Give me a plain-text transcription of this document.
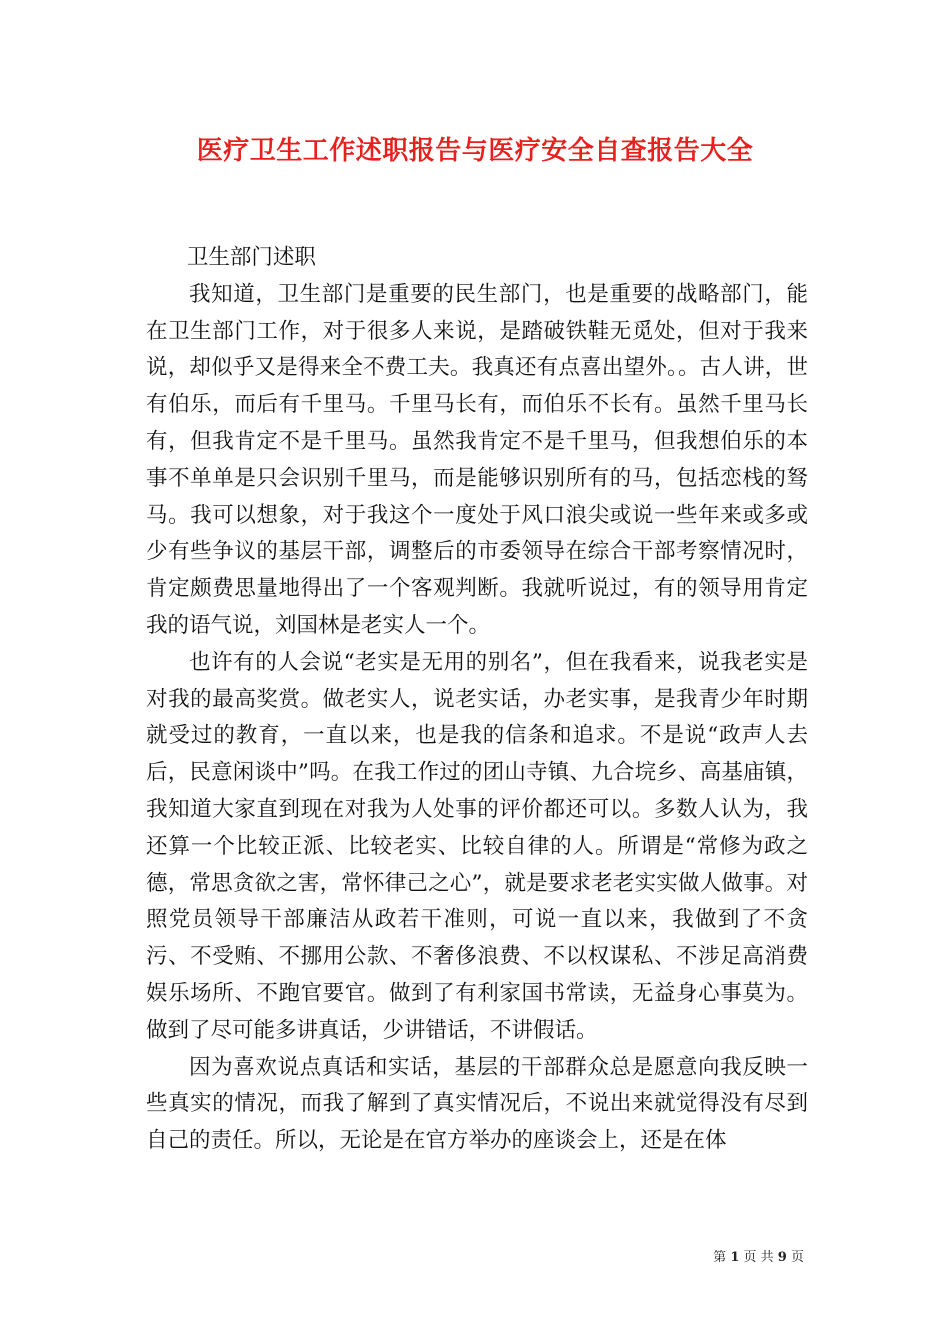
医疗卫生工作述职报告与医疗安全自查报告大全

卫生部门述职

我知道，卫生部门是重要的民生部门，也是重要的战略部门，能在卫生部门工作，对于很多人来说，是踏破铁鞋无觅处，但对于我来说，却似乎又是得来全不费工夫。我真还有点喜出望外。。古人讲，世有伯乐，而后有千里马。千里马长有，而伯乐不长有。虽然千里马长有，但我肯定不是千里马。虽然我肯定不是千里马，但我想伯乐的本事不单单是只会识别千里马，而是能够识别所有的马，包括恋栈的驽马。我可以想象，对于我这个一度处于风口浪尖或说一些年来或多或少有些争议的基层干部，调整后的市委领导在综合干部考察情况时，肯定颇费思量地得出了一个客观判断。我就听说过，有的领导用肯定我的语气说，刘国林是老实人一个。

也许有的人会说“老实是无用的别名”，但在我看来，说我老实是对我的最高奖赏。做老实人，说老实话，办老实事，是我青少年时期就受过的教育，一直以来，也是我的信条和追求。不是说“政声人去后，民意闲谈中”吗。在我工作过的团山寺镇、九合垸乡、高基庙镇，我知道大家直到现在对我为人处事的评价都还可以。多数人认为，我还算一个比较正派、比较老实、比较自律的人。所谓是“常修为政之德，常思贪欲之害，常怀律己之心”，就是要求老老实实做人做事。对照党员领导干部廉洁从政若干准则，可说一直以来，我做到了不贪污、不受贿、不挪用公款、不奢侈浪费、不以权谋私、不涉足高消费娱乐场所、不跑官要官。做到了有利家国书常读，无益身心事莫为。做到了尽可能多讲真话，少讲错话，不讲假话。

因为喜欢说点真话和实话，基层的干部群众总是愿意向我反映一些真实的情况，而我了解到了真实情况后，不说出来就觉得没有尽到自己的责任。所以，无论是在官方举办的座谈会上，还是在体

第 1 页 共 9 页
